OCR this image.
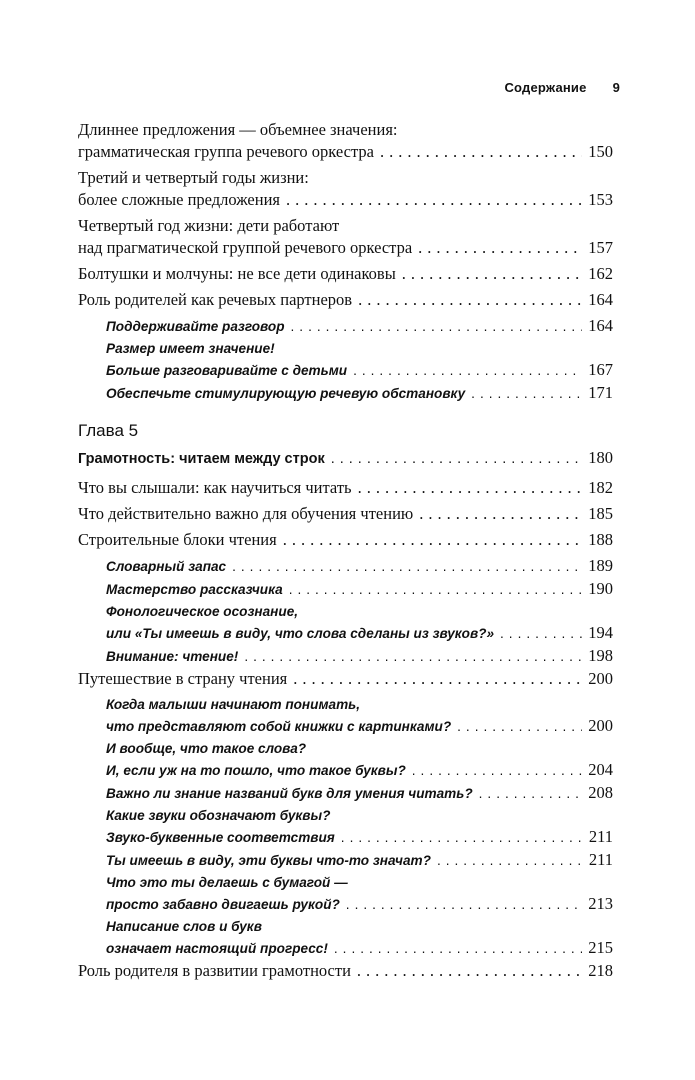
Содержание 9
Длиннее предложения — объемнее значения:
грамматическая группа речевого оркестра .....	150
Третий и четвертый годы жизни:
более сложные предложения .....	153
Четвертый год жизни: дети работают
над прагматической группой речевого оркестра .....	157
Болтушки и молчуны: не все дети одинаковы .....	162
Роль родителей как речевых партнеров .....	164
Поддерживайте разговор .....	164
Размер имеет значение!
Больше разговаривайте с детьми .....	167
Обеспечьте стимулирующую речевую обстановку .....	171
Глава 5
Грамотность: читаем между строк .....	180
Что вы слышали: как научиться читать .....	182
Что действительно важно для обучения чтению .....	185
Строительные блоки чтения .....	188
Словарный запас .....	189
Мастерство рассказчика .....	190
Фонологическое осознание,
или «Ты имеешь в виду, что слова сделаны из звуков?» .....	194
Внимание: чтение! .....	198
Путешествие в страну чтения .....	200
Когда малыши начинают понимать,
что представляют собой книжки с картинками? .....	200
И вообще, что такое слова?
И, если уж на то пошло, что такое буквы? .....	204
Важно ли знание названий букв для умения читать? .....	208
Какие звуки обозначают буквы?
Звуко-буквенные соответствия .....	211
Ты имеешь в виду, эти буквы что-то значат? .....	211
Что это ты делаешь с бумагой —
просто забавно двигаешь рукой? .....	213
Написание слов и букв
означает настоящий прогресс! .....	215
Роль родителя в развитии грамотности .....	218
